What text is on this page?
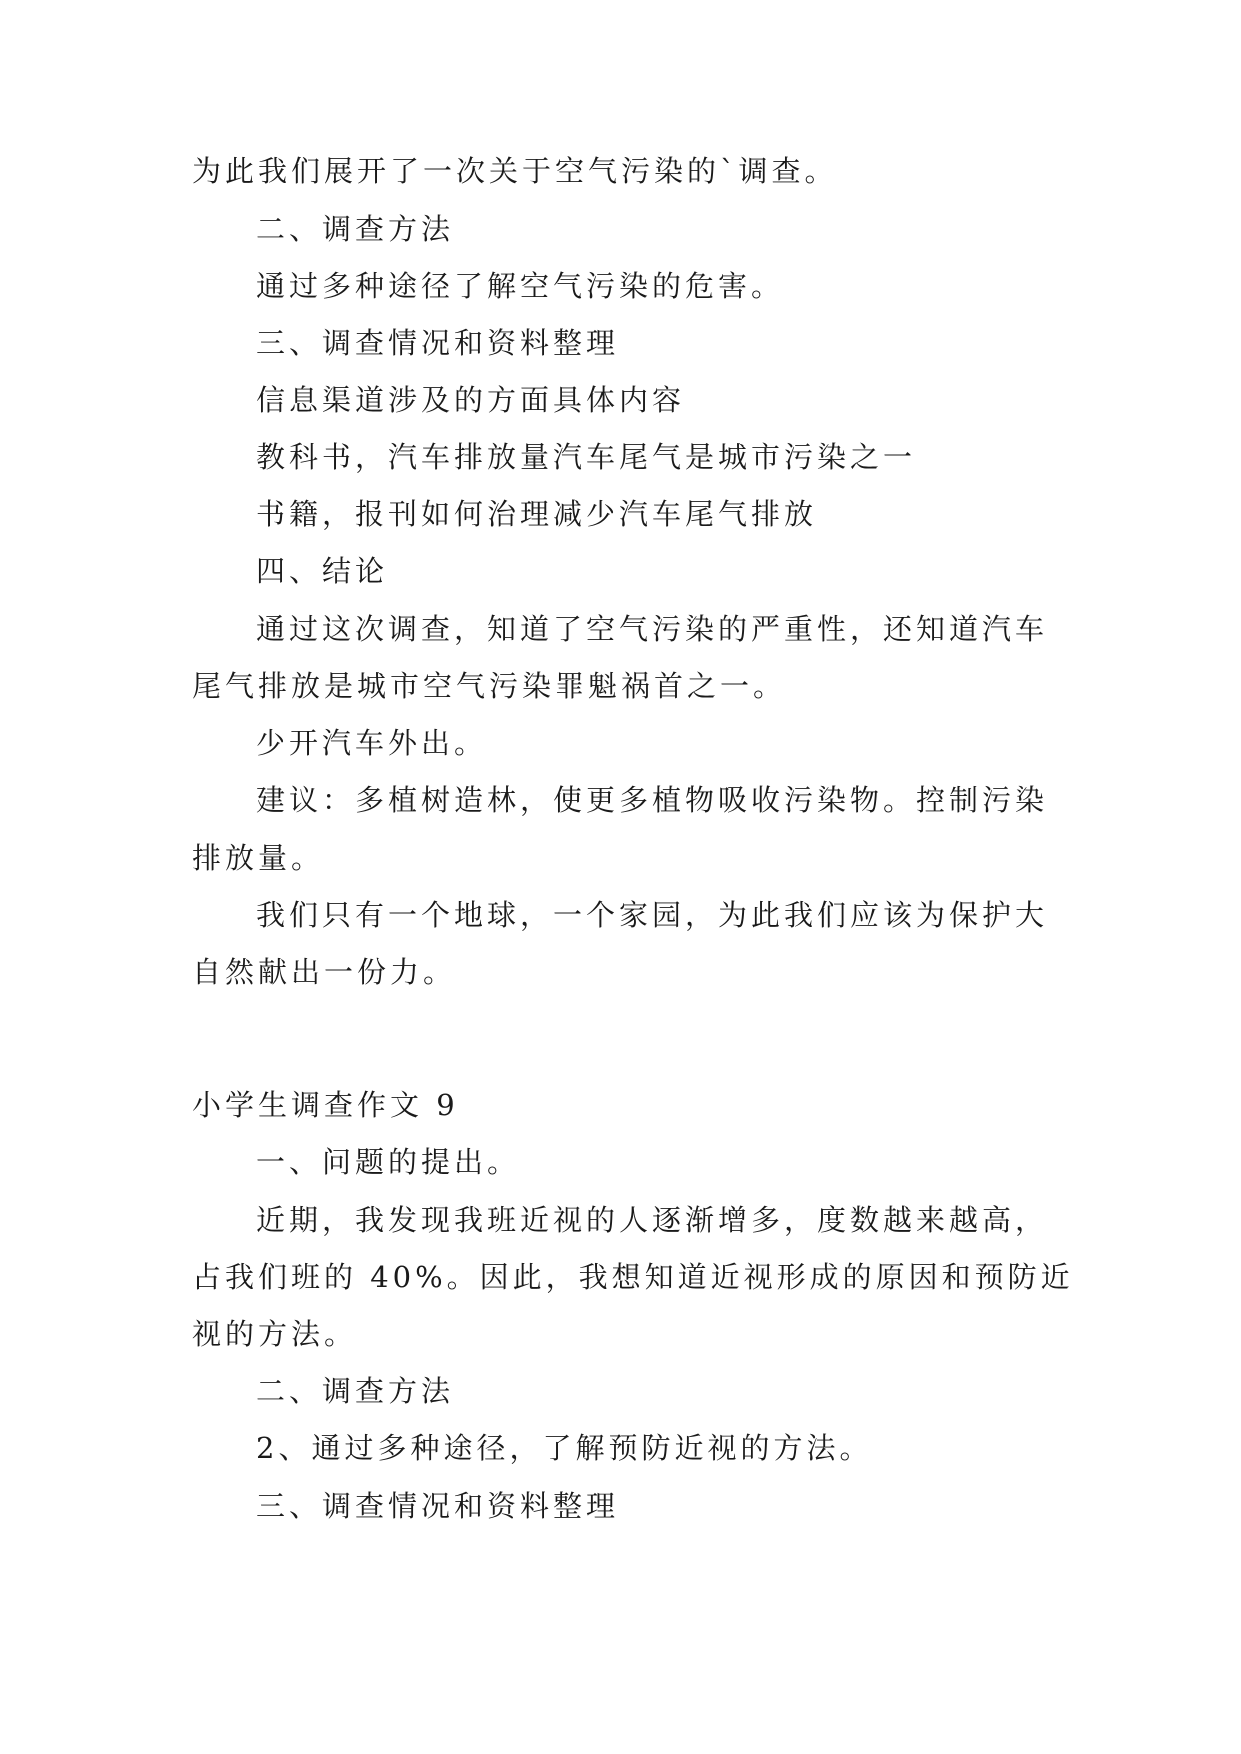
为此我们展开了一次关于空气污染的`调查。
二、调查方法
通过多种途径了解空气污染的危害。
三、调查情况和资料整理
信息渠道涉及的方面具体内容
教科书，汽车排放量汽车尾气是城市污染之一
书籍，报刊如何治理减少汽车尾气排放
四、结论
通过这次调查，知道了空气污染的严重性，还知道汽车
尾气排放是城市空气污染罪魁祸首之一。
少开汽车外出。
建议：多植树造林，使更多植物吸收污染物。控制污染
排放量。
我们只有一个地球，一个家园，为此我们应该为保护大
自然献出一份力。
小学生调查作文 9
一、问题的提出。
近期，我发现我班近视的人逐渐增多，度数越来越高，
占我们班的 40%。因此，我想知道近视形成的原因和预防近
视的方法。
二、调查方法
2、通过多种途径，了解预防近视的方法。
三、调查情况和资料整理
